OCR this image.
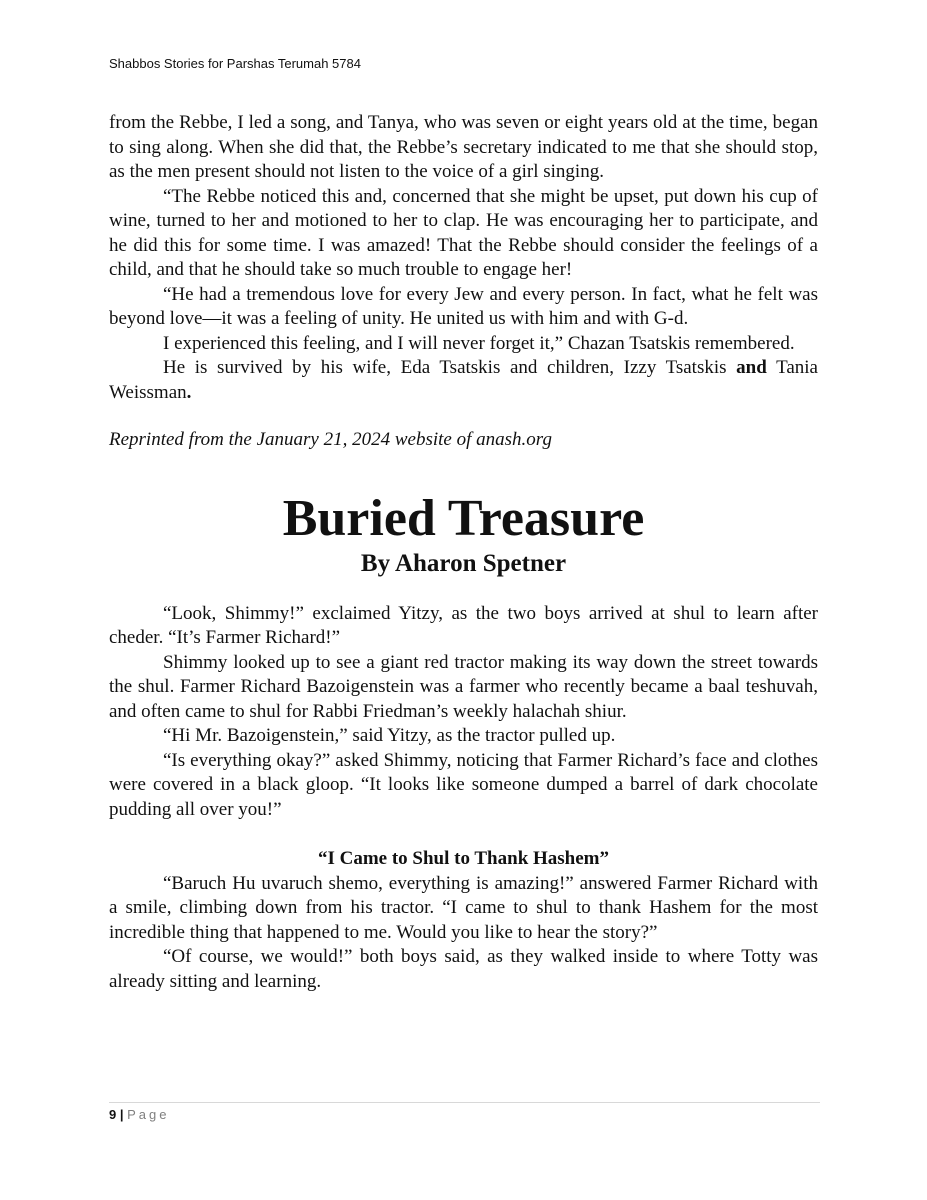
Shabbos Stories for Parshas Terumah 5784

from the Rebbe, I led a song, and Tanya, who was seven or eight years old at the time, began to sing along. When she did that, the Rebbe’s secretary indicated to me that she should stop, as the men present should not listen to the voice of a girl singing.

“The Rebbe noticed this and, concerned that she might be upset, put down his cup of wine, turned to her and motioned to her to clap. He was encouraging her to participate, and he did this for some time. I was amazed! That the Rebbe should consider the feelings of a child, and that he should take so much trouble to engage her!

“He had a tremendous love for every Jew and every person. In fact, what he felt was beyond love—it was a feeling of unity. He united us with him and with G-d.

I experienced this feeling, and I will never forget it,” Chazan Tsatskis remembered.

He is survived by his wife, Eda Tsatskis and children, Izzy Tsatskis and Tania Weissman.

Reprinted from the January 21, 2024 website of anash.org

Buried Treasure

By Aharon Spetner

“Look, Shimmy!” exclaimed Yitzy, as the two boys arrived at shul to learn after cheder. “It’s Farmer Richard!”

Shimmy looked up to see a giant red tractor making its way down the street towards the shul. Farmer Richard Bazoigenstein was a farmer who recently became a baal teshuvah, and often came to shul for Rabbi Friedman’s weekly halachah shiur.

“Hi Mr. Bazoigenstein,” said Yitzy, as the tractor pulled up.

“Is everything okay?” asked Shimmy, noticing that Farmer Richard’s face and clothes were covered in a black gloop. “It looks like someone dumped a barrel of dark chocolate pudding all over you!”

“I Came to Shul to Thank Hashem”

“Baruch Hu uvaruch shemo, everything is amazing!” answered Farmer Richard with a smile, climbing down from his tractor. “I came to shul to thank Hashem for the most incredible thing that happened to me. Would you like to hear the story?”

“Of course, we would!” both boys said, as they walked inside to where Totty was already sitting and learning.

9 | Page
